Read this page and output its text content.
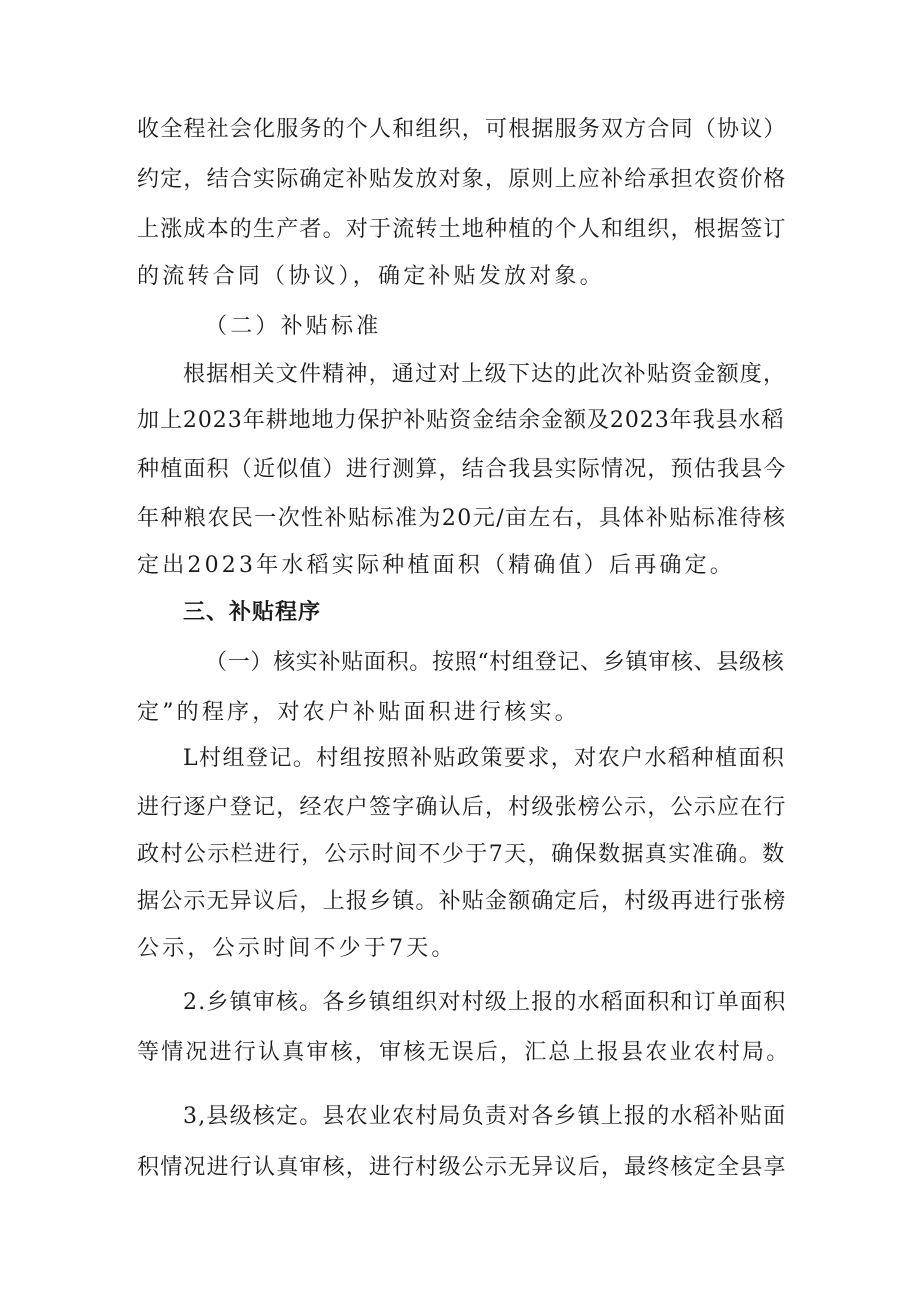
收全程社会化服务的个人和组织，可根据服务双方合同（协议）

约定，结合实际确定补贴发放对象，原则上应补给承担农资价格

上涨成本的生产者。对于流转土地种植的个人和组织，根据签订

的流转合同（协议），确定补贴发放对象。

（二）补贴标准

根据相关文件精神，通过对上级下达的此次补贴资金额度，

加上2023年耕地地力保护补贴资金结余金额及2023年我县水稻

种植面积（近似值）进行测算，结合我县实际情况，预估我县今

年种粮农民一次性补贴标准为20元/亩左右，具体补贴标准待核

定出2023年水稻实际种植面积（精确值）后再确定。

三、补贴程序

（一）核实补贴面积。按照“村组登记、乡镇审核、县级核

定”的程序，对农户补贴面积进行核实。

L村组登记。村组按照补贴政策要求，对农户水稻种植面积

进行逐户登记，经农户签字确认后，村级张榜公示，公示应在行

政村公示栏进行，公示时间不少于7天，确保数据真实准确。数

据公示无异议后，上报乡镇。补贴金额确定后，村级再进行张榜

公示，公示时间不少于7天。

2.乡镇审核。各乡镇组织对村级上报的水稻面积和订单面积

等情况进行认真审核，审核无误后，汇总上报县农业农村局。

3,县级核定。县农业农村局负责对各乡镇上报的水稻补贴面

积情况进行认真审核，进行村级公示无异议后，最终核定全县享
